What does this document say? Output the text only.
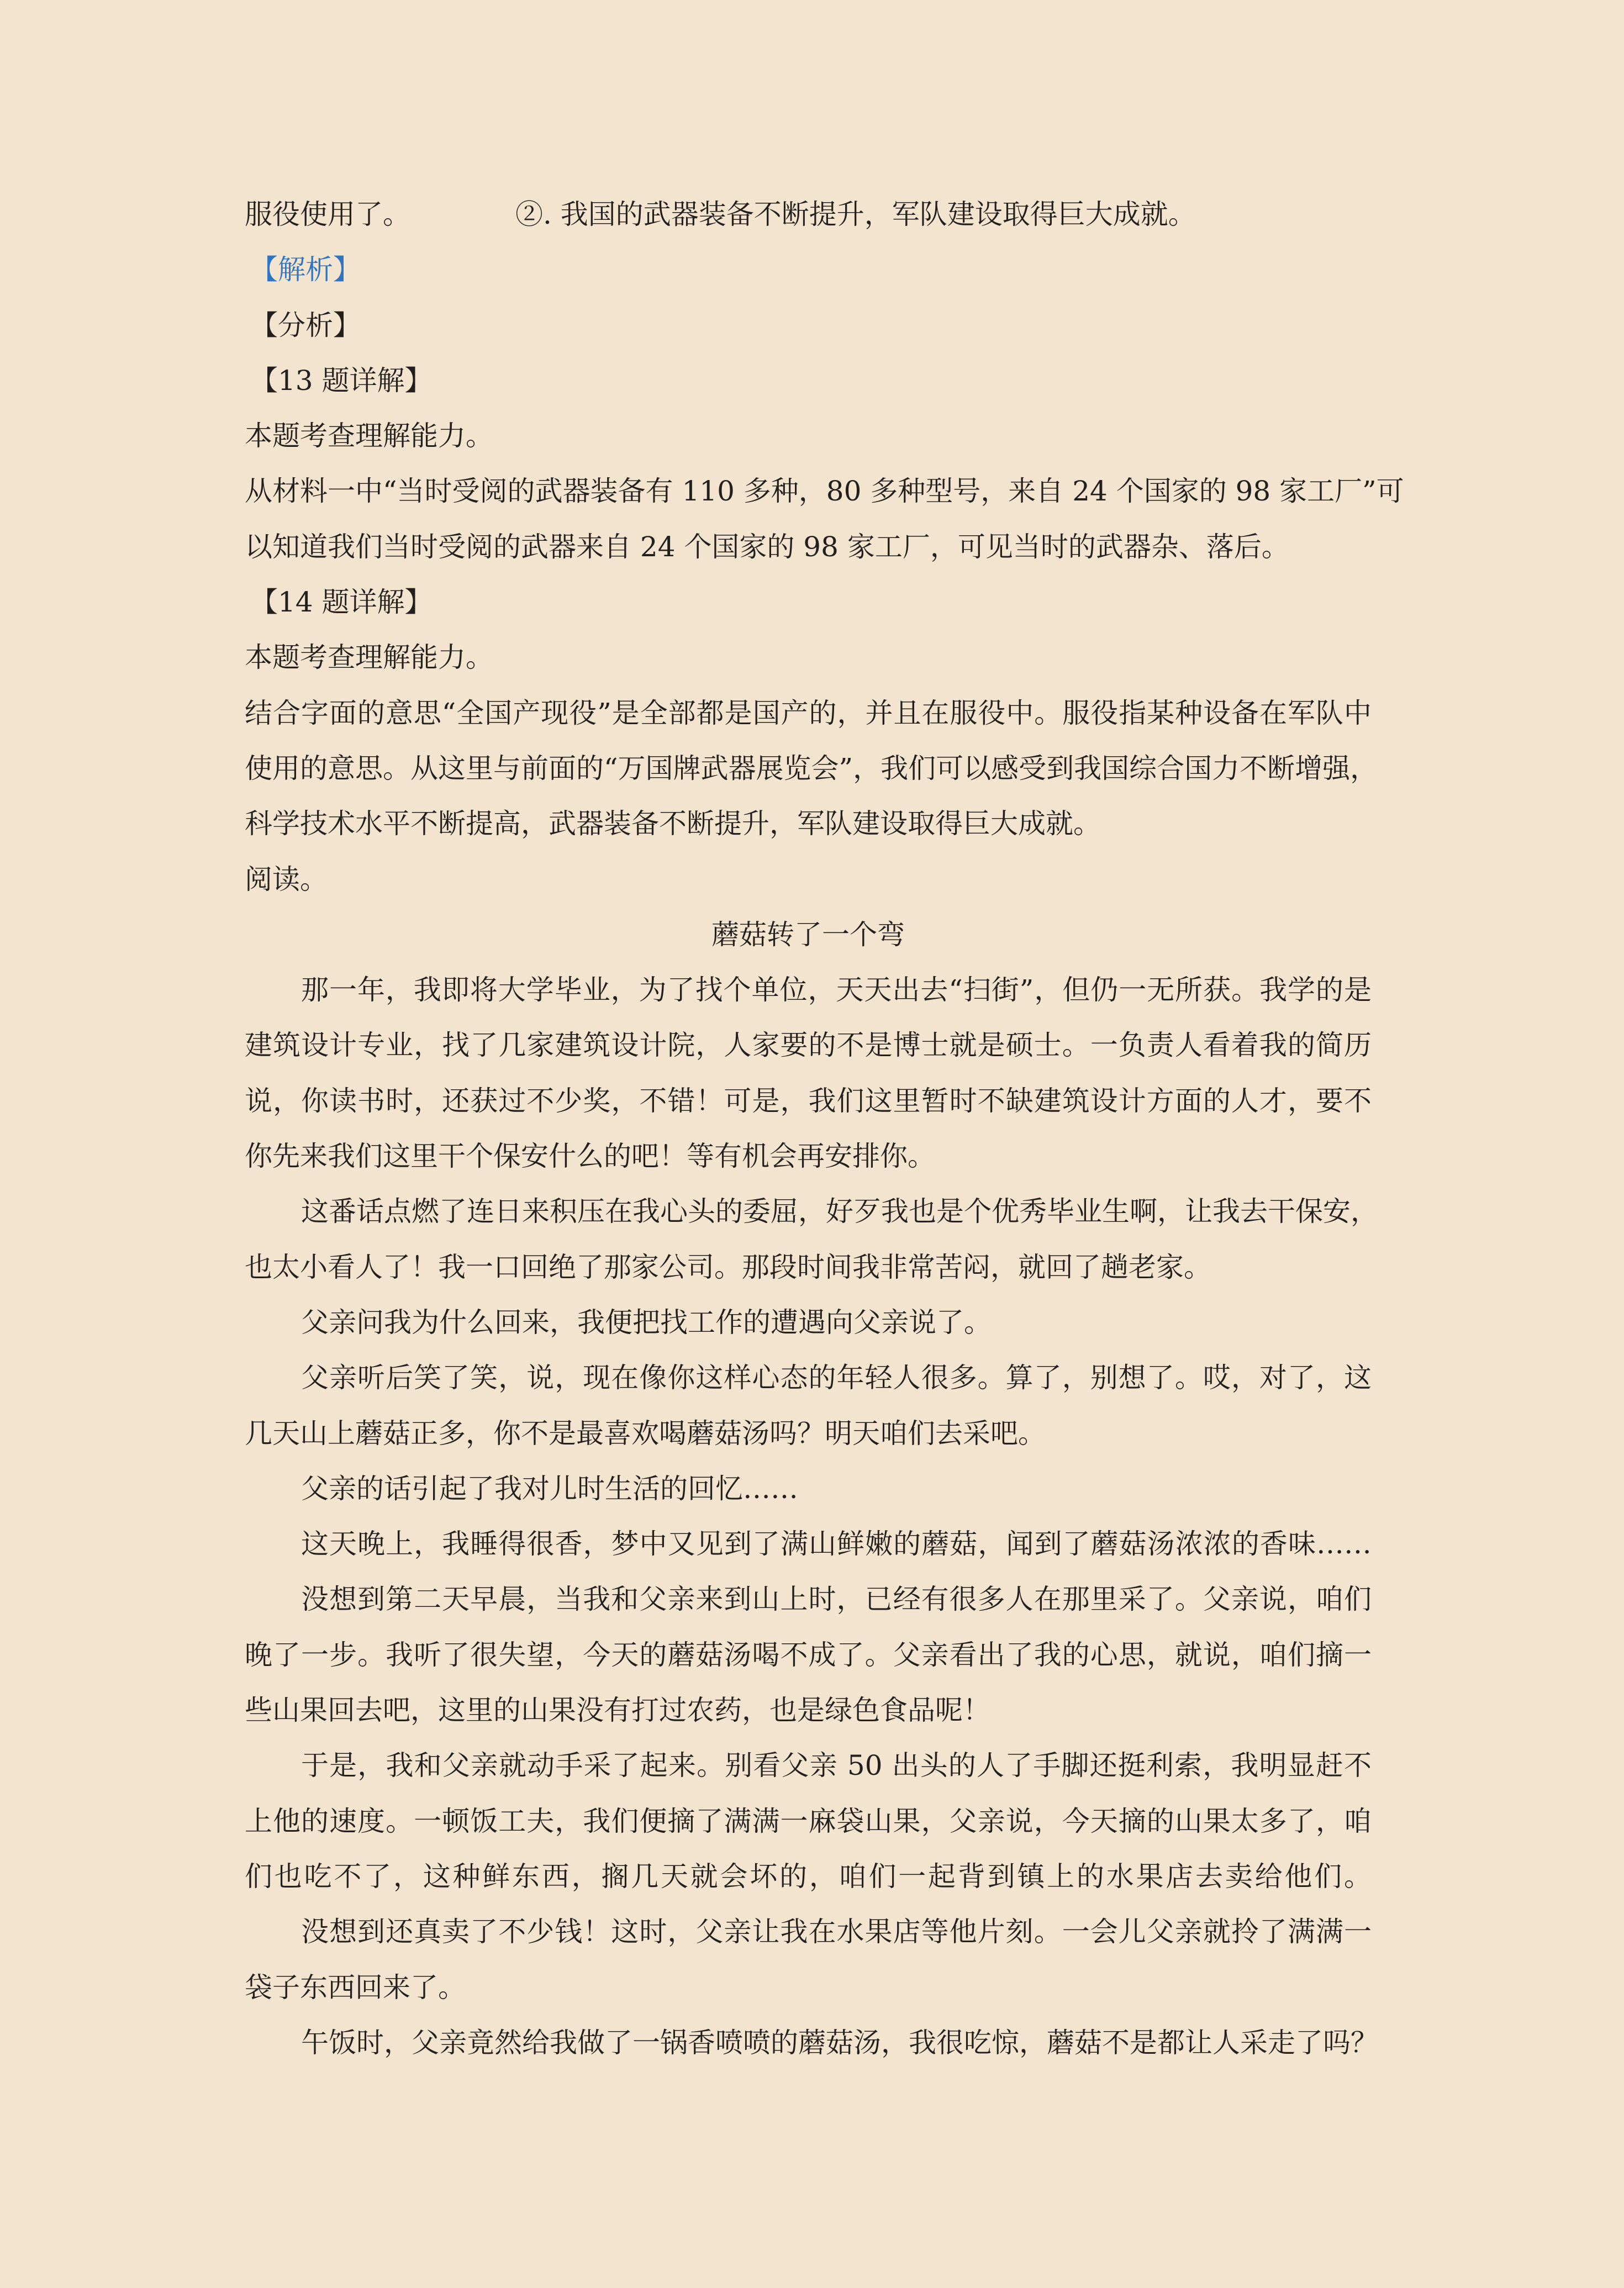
服役使用了。	②. 我国的武器装备不断提升，军队建设取得巨大成就。
【解析】
【分析】
【13 题详解】
本题考查理解能力。
从材料一中“当时受阅的武器装备有 110 多种，80 多种型号，来自 24 个国家的 98 家工厂”可
以知道我们当时受阅的武器来自 24 个国家的 98 家工厂，可见当时的武器杂、落后。
【14 题详解】
本题考查理解能力。
结合字面的意思“全国产现役”是全部都是国产的，并且在服役中。服役指某种设备在军队中
使用的意思。从这里与前面的“万国牌武器展览会”，我们可以感受到我国综合国力不断增强，
科学技术水平不断提高，武器装备不断提升，军队建设取得巨大成就。
阅读。
蘑菇转了一个弯
那一年，我即将大学毕业，为了找个单位，天天出去“扫街”，但仍一无所获。我学的是
建筑设计专业，找了几家建筑设计院，人家要的不是博士就是硕士。一负责人看着我的简历
说，你读书时，还获过不少奖，不错！可是，我们这里暂时不缺建筑设计方面的人才，要不
你先来我们这里干个保安什么的吧！等有机会再安排你。
这番话点燃了连日来积压在我心头的委屈，好歹我也是个优秀毕业生啊，让我去干保安，
也太小看人了！我一口回绝了那家公司。那段时间我非常苦闷，就回了趟老家。
父亲问我为什么回来，我便把找工作的遭遇向父亲说了。
父亲听后笑了笑，说，现在像你这样心态的年轻人很多。算了，别想了。哎，对了，这
几天山上蘑菇正多，你不是最喜欢喝蘑菇汤吗？明天咱们去采吧。
父亲的话引起了我对儿时生活的回忆……
这天晚上，我睡得很香，梦中又见到了满山鲜嫩的蘑菇，闻到了蘑菇汤浓浓的香味……
没想到第二天早晨，当我和父亲来到山上时，已经有很多人在那里采了。父亲说，咱们
晚了一步。我听了很失望，今天的蘑菇汤喝不成了。父亲看出了我的心思，就说，咱们摘一
些山果回去吧，这里的山果没有打过农药，也是绿色食品呢！
于是，我和父亲就动手采了起来。别看父亲 50 出头的人了手脚还挺利索，我明显赶不
上他的速度。一顿饭工夫，我们便摘了满满一麻袋山果，父亲说，今天摘的山果太多了，咱
们也吃不了，这种鲜东西，搁几天就会坏的，咱们一起背到镇上的水果店去卖给他们。
没想到还真卖了不少钱！这时，父亲让我在水果店等他片刻。一会儿父亲就拎了满满一
袋子东西回来了。
午饭时，父亲竟然给我做了一锅香喷喷的蘑菇汤，我很吃惊，蘑菇不是都让人采走了吗？
